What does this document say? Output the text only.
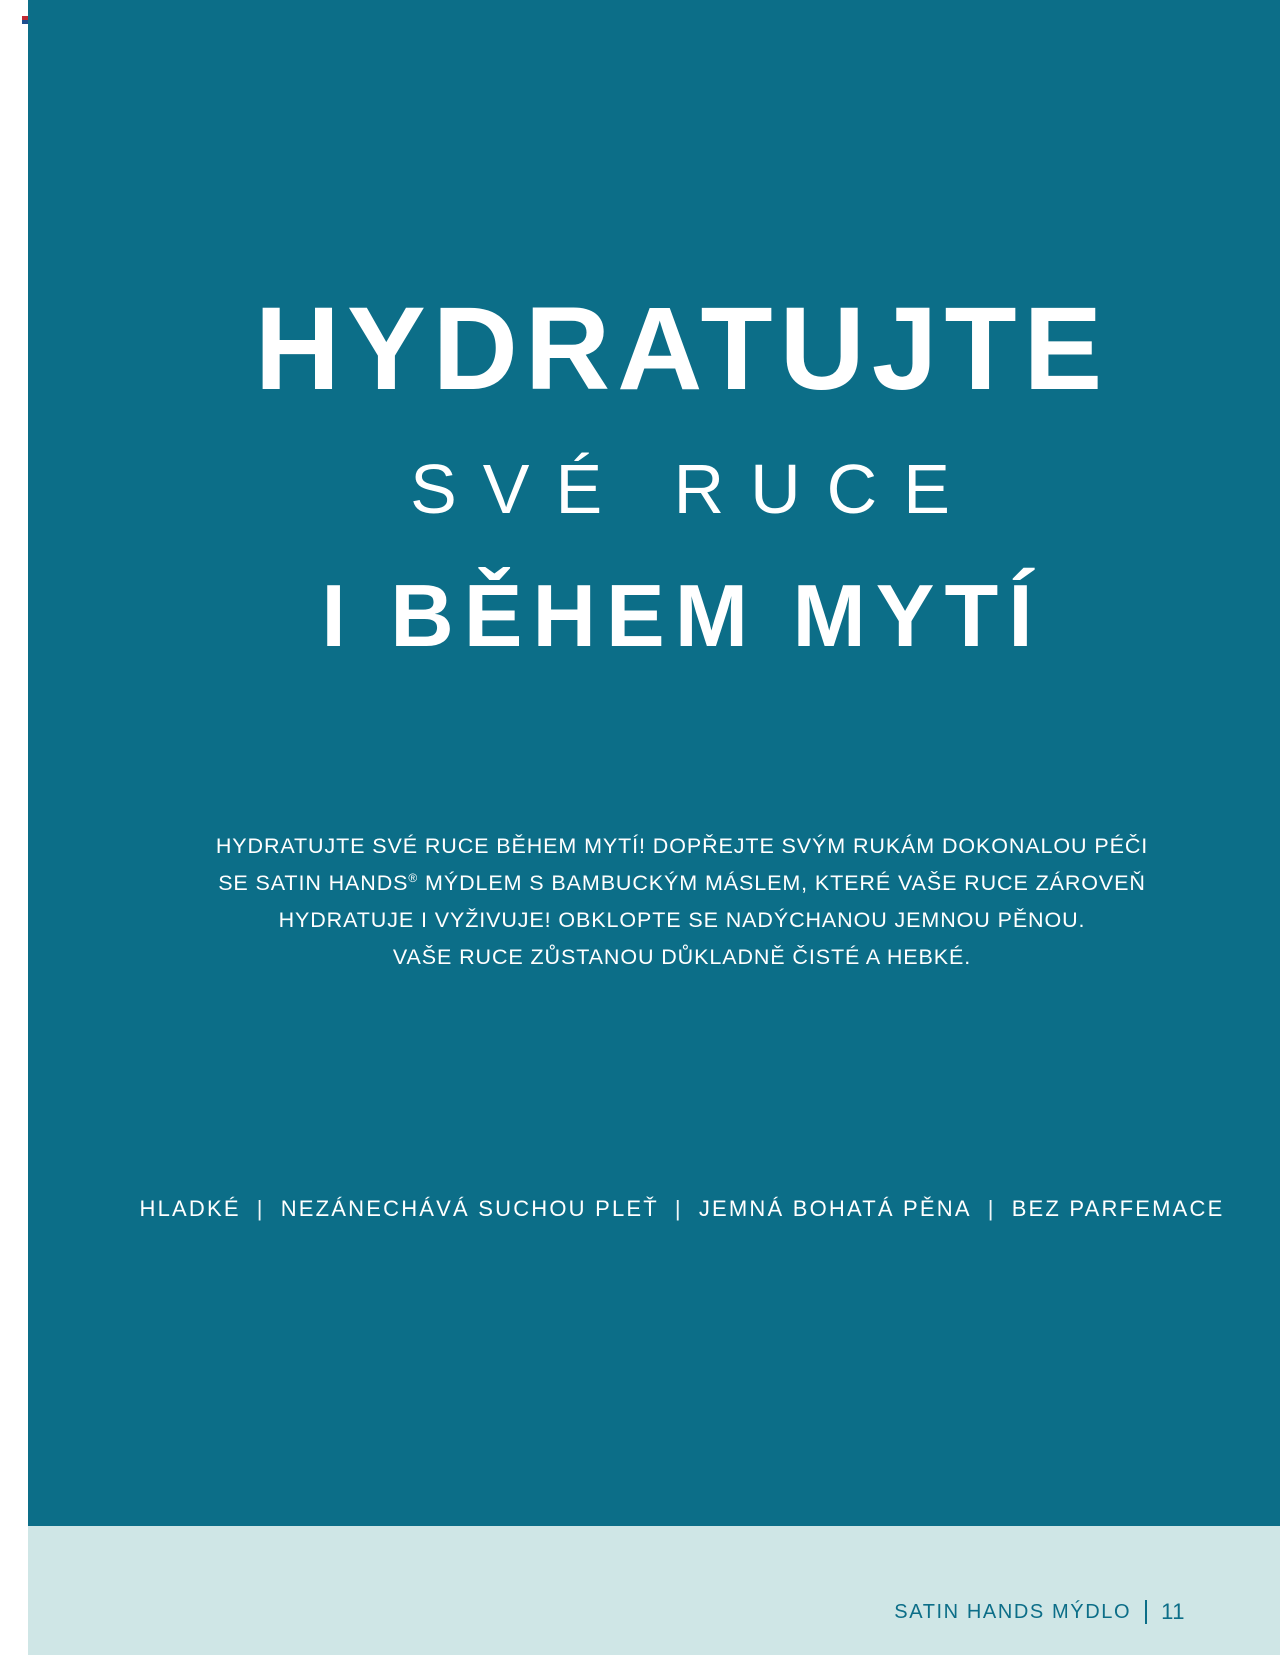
HYDRATUJTE
SVÉ RUCE
I BĚHEM MYTÍ

HYDRATUJTE SVÉ RUCE BĚHEM MYTÍ! DOPŘEJTE SVÝM RUKÁM DOKONALOU PÉČI

SE SATIN HANDS® MÝDLEM S BAMBUCKÝM MÁSLEM, KTERÉ VAŠE RUCE ZÁROVEŇ

HYDRATUJE I VYŽIVUJE! OBKLOPTE SE NADÝCHANOU JEMNOU PĚNOU.

VAŠE RUCE ZŮSTANOU DŮKLADNĚ ČISTÉ A HEBKÉ.

HLADKÉ | NEZÁNECHÁVÁ SUCHOU PLEŤ | JEMNÁ BOHATÁ PĚNA | BEZ PARFEMACE
SATIN HANDS MÝDLO 11
